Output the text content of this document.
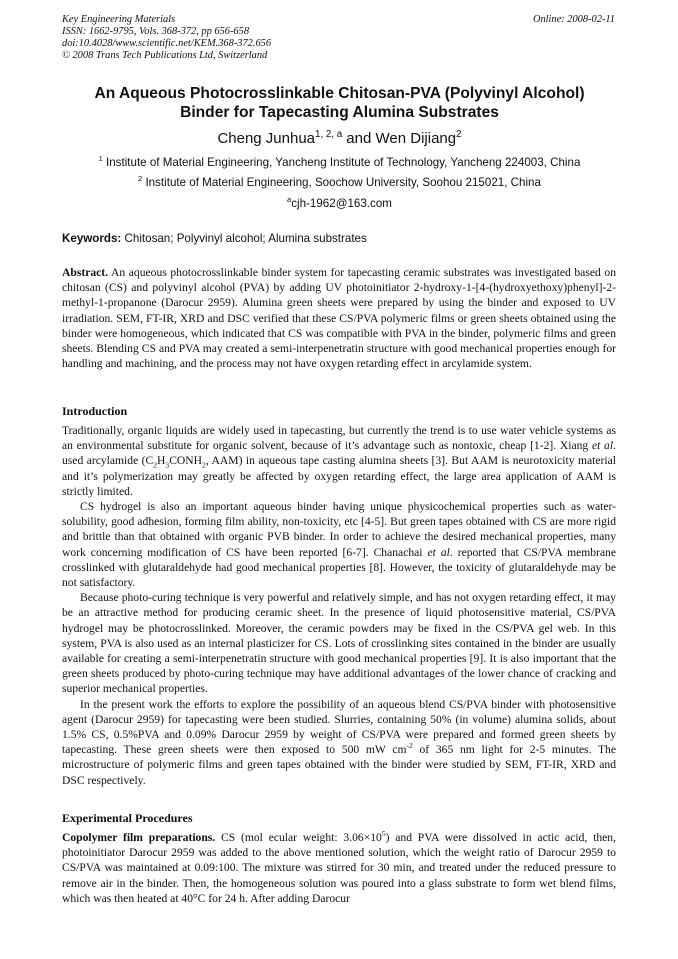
Key Engineering Materials
ISSN: 1662-9795, Vols. 368-372, pp 656-658
doi:10.4028/www.scientific.net/KEM.368-372.656
© 2008 Trans Tech Publications Ltd, Switzerland
Online: 2008-02-11
An Aqueous Photocrosslinkable Chitosan-PVA (Polyvinyl Alcohol)
Binder for Tapecasting Alumina Substrates
Cheng Junhua$^{1, 2, a}$ and Wen Dijiang$^2$
$^1$ Institute of Material Engineering, Yancheng Institute of Technology, Yancheng 224003, China
$^2$ Institute of Material Engineering, Soochow University, Soohou 215021, China
$^a$cjh-1962@163.com
Keywords: Chitosan; Polyvinyl alcohol; Alumina substrates

Abstract. An aqueous photocrosslinkable binder system for tapecasting ceramic substrates was investigated based on chitosan (CS) and polyvinyl alcohol (PVA) by adding UV photoinitiator 2-hydroxy-1-[4-(hydroxyethoxy)phenyl]-2-methyl-1-propanone (Darocur 2959). Alumina green sheets were prepared by using the binder and exposed to UV irradiation. SEM, FT-IR, XRD and DSC verified that these CS/PVA polymeric films or green sheets obtained using the binder were homogeneous, which indicated that CS was compatible with PVA in the binder, polymeric films and green sheets. Blending CS and PVA may created a semi-interpenetratin structure with good mechanical properties enough for handling and machining, and the process may not have oxygen retarding effect in arcylamide system.

Introduction

Traditionally, organic liquids are widely used in tapecasting, but currently the trend is to use water vehicle systems as an environmental substitute for organic solvent, because of it’s advantage such as nontoxic, cheap [1-2]. Xiang et al. used arcylamide ($C_2H_3CONH_2$, AAM) in aqueous tape casting alumina sheets [3]. But AAM is neurotoxicity material and it’s polymerization may greatly be affected by oxygen retarding effect, the large area application of AAM is strictly limited.

CS hydrogel is also an important aqueous binder having unique physicochemical properties such as water-solubility, good adhesion, forming film ability, non-toxicity, etc [4-5]. But green tapes obtained with CS are more rigid and brittle than that obtained with organic PVB binder. In order to achieve the desired mechanical properties, many work concerning modification of CS have been reported [6-7]. Chanachai et al. reported that CS/PVA membrane crosslinked with glutaraldehyde had good mechanical properties [8]. However, the toxicity of glutaraldehyde may be not satisfactory.

Because photo-curing technique is very powerful and relatively simple, and has not oxygen retarding effect, it may be an attractive method for producing ceramic sheet. In the presence of liquid photosensitive material, CS/PVA hydrogel may be photocrosslinked. Moreover, the ceramic powders may be fixed in the CS/PVA gel web. In this system, PVA is also used as an internal plasticizer for CS. Lots of crosslinking sites contained in the binder are usually available for creating a semi-interpenetratin structure with good mechanical properties [9]. It is also important that the green sheets produced by photo-curing technique may have additional advantages of the lower chance of cracking and superior mechanical properties.

In the present work the efforts to explore the possibility of an aqueous blend CS/PVA binder with photosensitive agent (Darocur 2959) for tapecasting were been studied. Slurries, containing 50% (in volume) alumina solids, about 1.5% CS, 0.5%PVA and 0.09% Darocur 2959 by weight of CS/PVA were prepared and formed green sheets by tapecasting. These green sheets were then exposed to 500 mW $cm^{-2}$ of 365 nm light for 2-5 minutes. The microstructure of polymeric films and green tapes obtained with the binder were studied by SEM, FT-IR, XRD and DSC respectively.

Experimental Procedures

Copolymer film preparations. CS (mol ecular weight: $3.06\times 10^5$) and PVA were dissolved in actic acid, then, photoinitiator Darocur 2959 was added to the above mentioned solution, which the weight ratio of Darocur 2959 to CS/PVA was maintained at 0.09:100. The mixture was stirred for 30 min, and treated under the reduced pressure to remove air in the binder. Then, the homogeneous solution was poured into a glass substrate to form wet blend films, which was then heated at 40°C for 24 h. After adding Darocur
